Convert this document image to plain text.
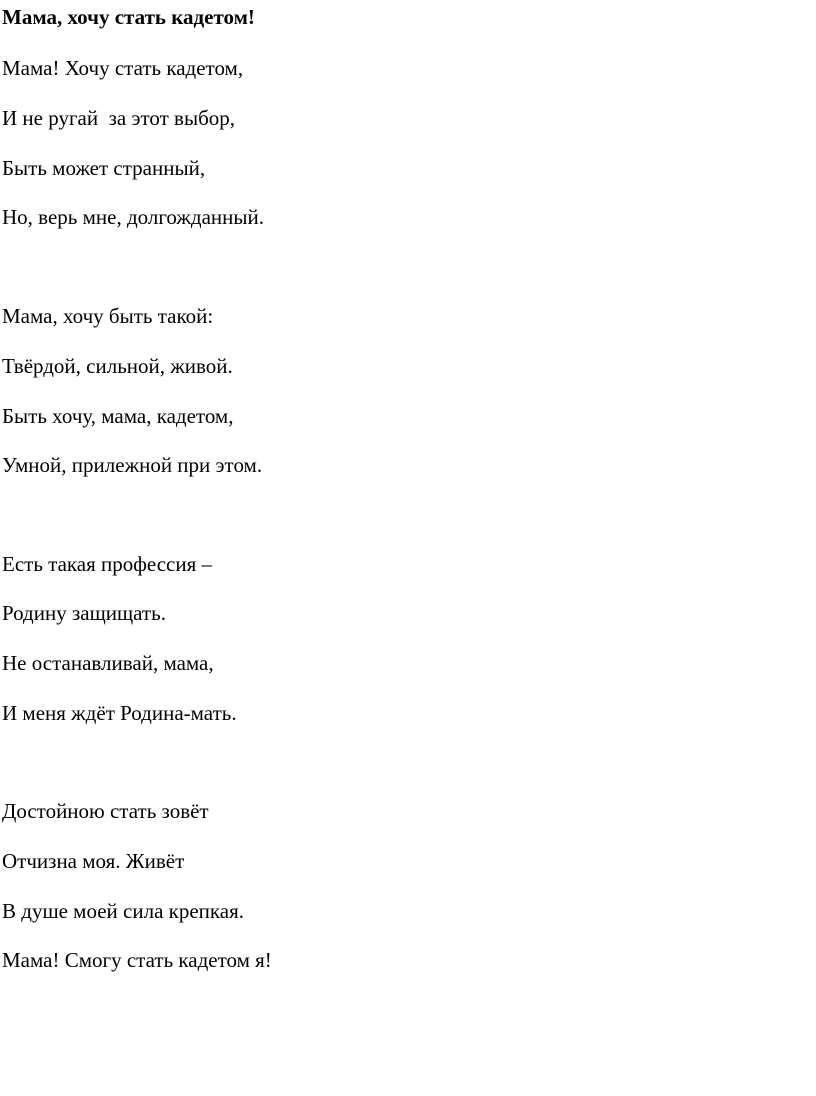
Мама, хочу стать кадетом!

Мама! Хочу стать кадетом,

И не ругай  за этот выбор,

Быть может странный,

Но, верь мне, долгожданный.

Мама, хочу быть такой:

Твёрдой, сильной, живой.

Быть хочу, мама, кадетом,

Умной, прилежной при этом.

Есть такая профессия –

Родину защищать.

Не останавливай, мама,

И меня ждёт Родина-мать.

Достойною стать зовёт

Отчизна моя. Живёт

В душе моей сила крепкая.

Мама! Смогу стать кадетом я!
